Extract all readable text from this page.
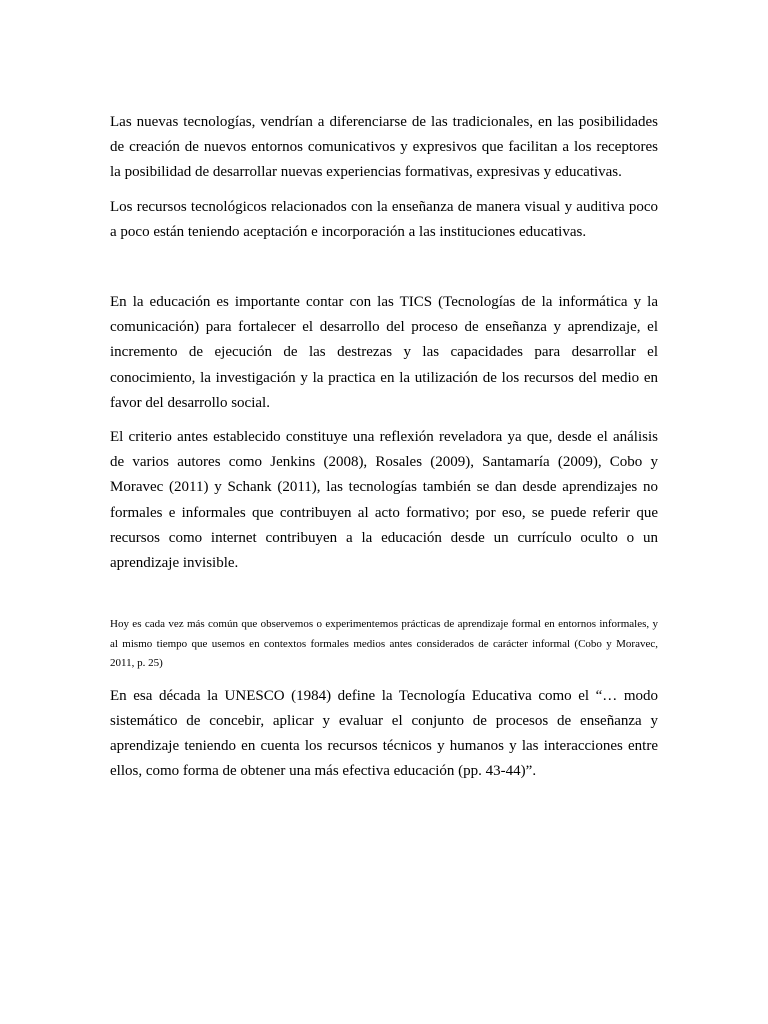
Las nuevas tecnologías, vendrían a diferenciarse de las tradicionales, en las posibilidades de creación de nuevos entornos comunicativos y expresivos que facilitan a los receptores la posibilidad de desarrollar nuevas experiencias formativas, expresivas y educativas.

Los recursos tecnológicos relacionados con la enseñanza de manera visual y auditiva poco a poco están teniendo aceptación e incorporación a las instituciones educativas.

En la educación es importante contar con las TICS (Tecnologías de la informática y la comunicación) para fortalecer el desarrollo del proceso de enseñanza y aprendizaje, el incremento de ejecución de las destrezas y las capacidades para desarrollar el conocimiento, la investigación y la practica en la utilización de los recursos del medio en favor del desarrollo social.

El criterio antes establecido constituye una reflexión reveladora ya que, desde el análisis de varios autores como Jenkins (2008), Rosales (2009), Santamaría (2009), Cobo y Moravec (2011) y Schank (2011), las tecnologías también se dan desde aprendizajes no formales e informales que contribuyen al acto formativo; por eso, se puede referir que recursos como internet contribuyen a la educación desde un currículo oculto o un aprendizaje invisible.

Hoy es cada vez más común que observemos o experimentemos prácticas de aprendizaje formal en entornos informales, y al mismo tiempo que usemos en contextos formales medios antes considerados de carácter informal (Cobo y Moravec, 2011, p. 25)

En esa década la UNESCO (1984) define la Tecnología Educativa como el “… modo sistemático de concebir, aplicar y evaluar el conjunto de procesos de enseñanza y aprendizaje teniendo en cuenta los recursos técnicos y humanos y las interacciones entre ellos, como forma de obtener una más efectiva educación (pp. 43-44)”.
